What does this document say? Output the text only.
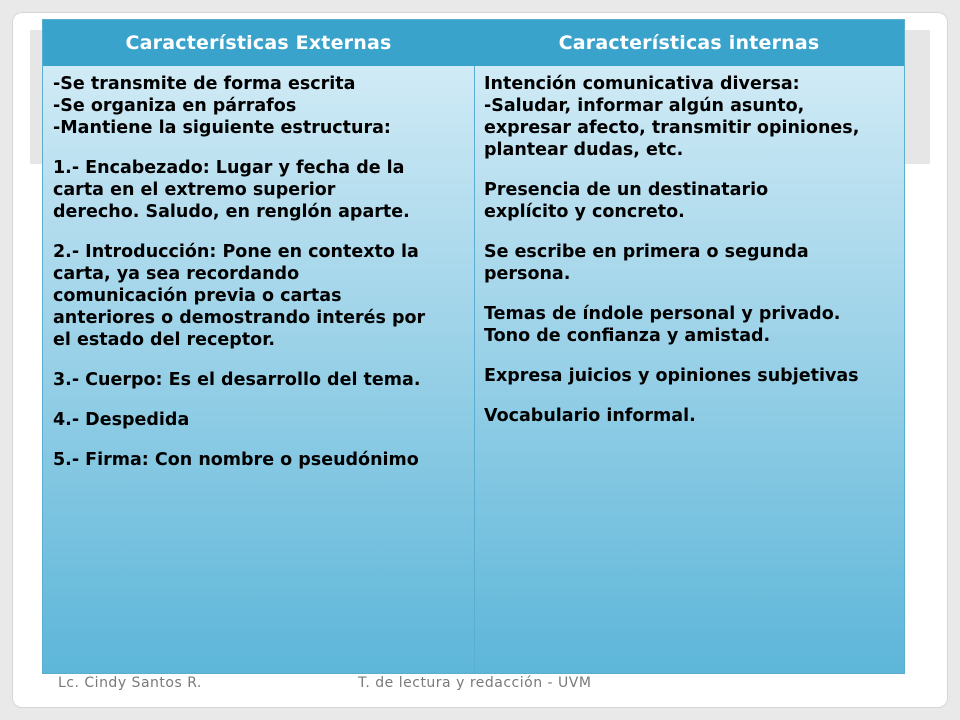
Características Externas	Características internas
-Se transmite de forma escrita
-Se organiza en párrafos
-Mantiene la siguiente estructura:
1.- Encabezado: Lugar y fecha de la
carta en el extremo superior
derecho. Saludo, en renglón aparte.
2.- Introducción: Pone en contexto la
carta, ya sea recordando
comunicación previa o cartas
anteriores o demostrando interés por
el estado del receptor.
3.- Cuerpo: Es el desarrollo del tema.
4.- Despedida
5.- Firma: Con nombre o pseudónimo
Intención comunicativa diversa:
-Saludar, informar algún asunto,
expresar afecto, transmitir opiniones,
plantear dudas, etc.
Presencia de un destinatario
explícito y concreto.
Se escribe en primera o segunda
persona.
Temas de índole personal y privado.
Tono de confianza y amistad.
Expresa juicios y opiniones subjetivas
Vocabulario informal.
Lc. Cindy Santos R.	T. de lectura y redacción - UVM
